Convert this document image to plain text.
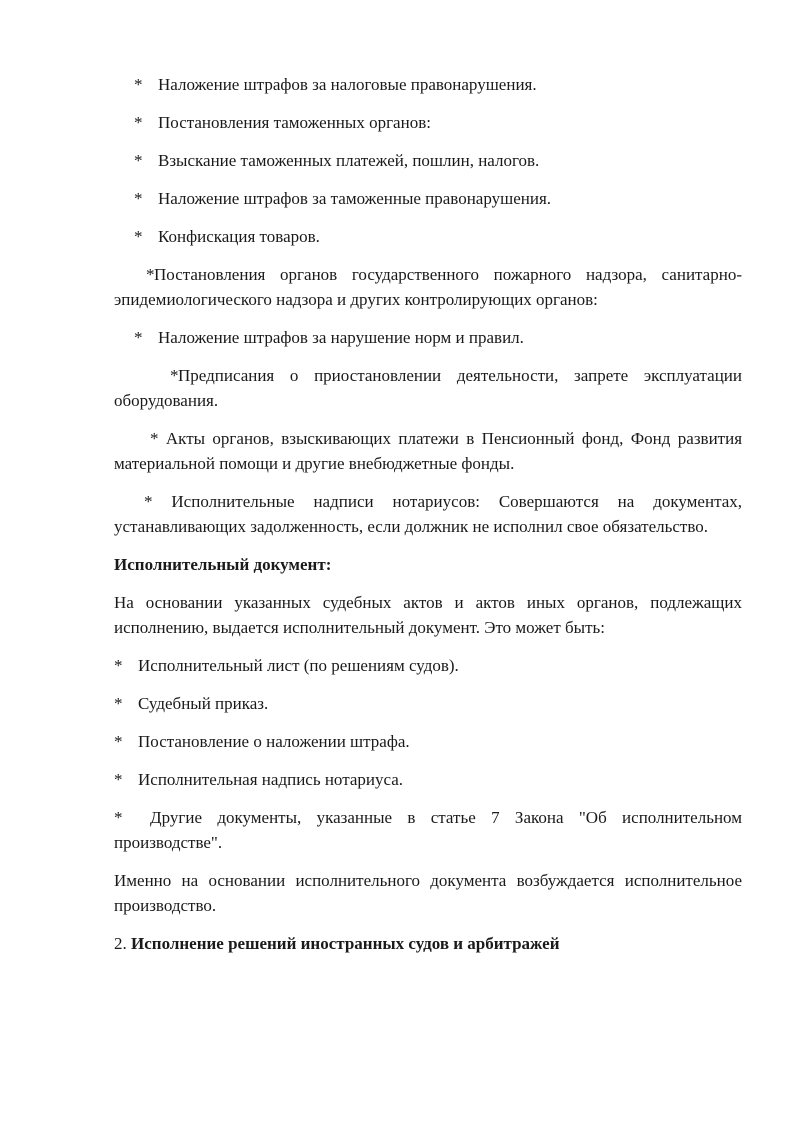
* Наложение штрафов за налоговые правонарушения.

* Постановления таможенных органов:

* Взыскание таможенных платежей, пошлин, налогов.

* Наложение штрафов за таможенные правонарушения.

* Конфискация товаров.

*Постановления органов государственного пожарного надзора, санитарно-эпидемиологического надзора и других контролирующих органов:

* Наложение штрафов за нарушение норм и правил.

*Предписания о приостановлении деятельности, запрете эксплуатации оборудования.

* Акты органов, взыскивающих платежи в Пенсионный фонд, Фонд развития материальной помощи и другие внебюджетные фонды.

* Исполнительные надписи нотариусов: Совершаются на документах, устанавливающих задолженность, если должник не исполнил свое обязательство.

Исполнительный документ:

На основании указанных судебных актов и актов иных органов, подлежащих исполнению, выдается исполнительный документ. Это может быть:

* Исполнительный лист (по решениям судов).

* Судебный приказ.

* Постановление о наложении штрафа.

* Исполнительная надпись нотариуса.

* Другие документы, указанные в статье 7 Закона "Об исполнительном производстве".

Именно на основании исполнительного документа возбуждается исполнительное производство.

2. Исполнение решений иностранных судов и арбитражей
